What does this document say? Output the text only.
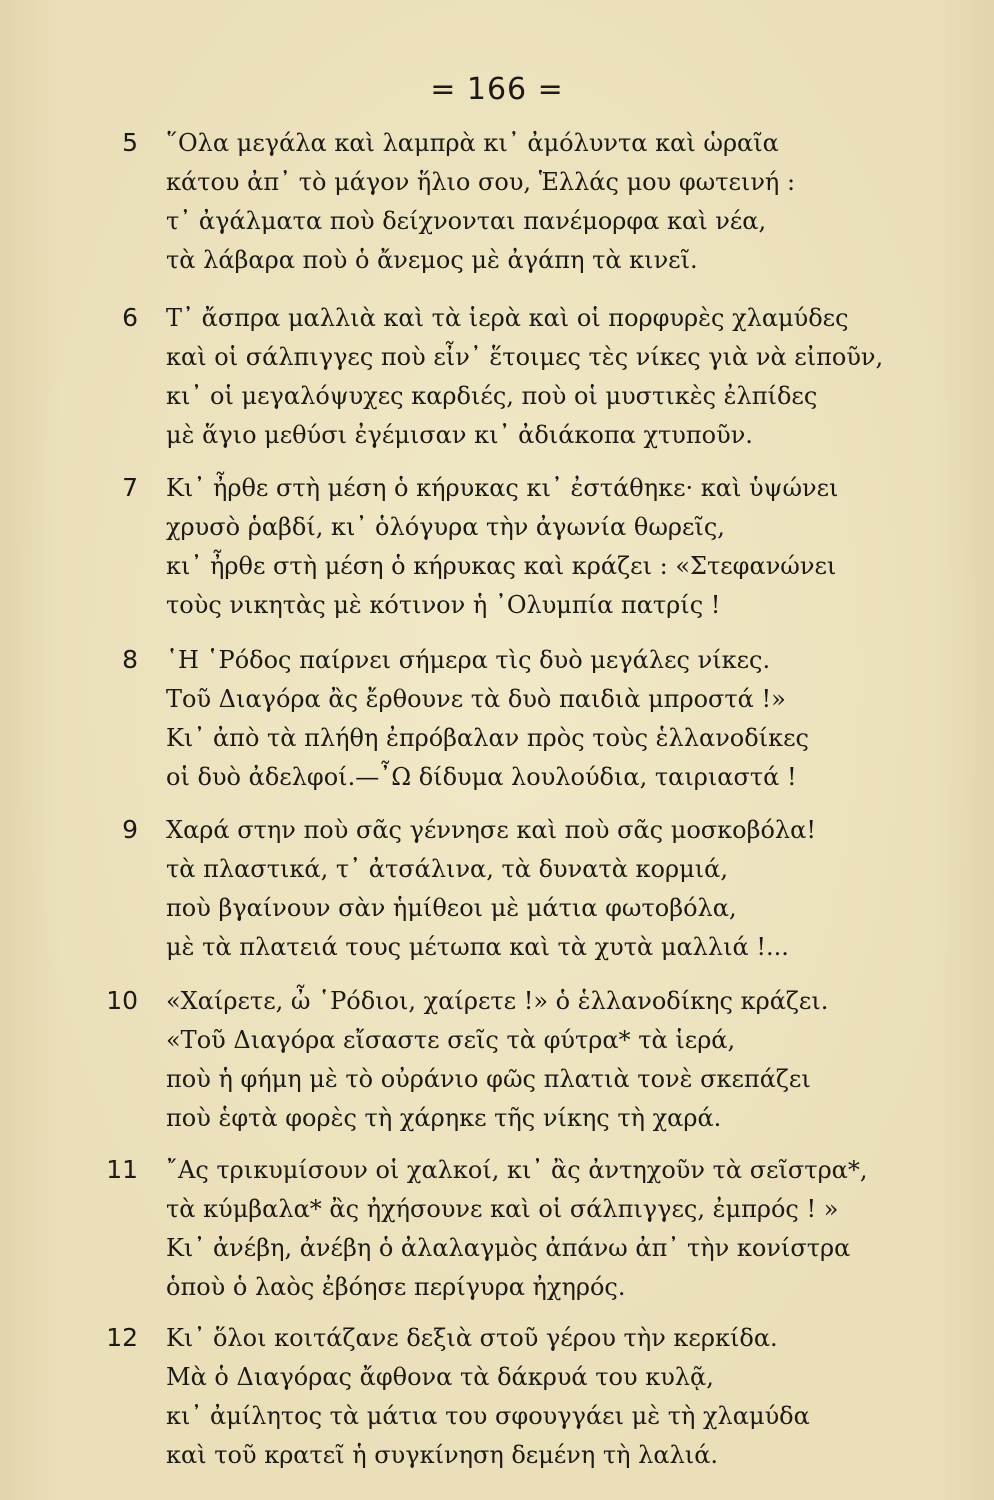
= 166 =
5 ῞Ολα μεγάλα καὶ λαμπρὰ κι᾽ ἀμόλυντα καὶ ὡραῖα
κάτου ἀπ᾽ τὸ μάγον ἥλιο σου, Ἑλλάς μου φωτεινή :
τ᾽ ἀγάλματα ποὺ δείχνονται πανέμορφα καὶ νέα,
τὰ λάβαρα ποὺ ὁ ἄνεμος μὲ ἀγάπη τὰ κινεῖ.
6 Τ᾽ ἄσπρα μαλλιὰ καὶ τὰ ἱερὰ καὶ οἱ πορφυρὲς χλαμύδες
καὶ οἱ σάλπιγγες ποὺ εἶν᾽ ἕτοιμες τὲς νίκες γιὰ νὰ εἰποῦν,
κι᾽ οἱ μεγαλόψυχες καρδιές, ποὺ οἱ μυστικὲς ἐλπίδες
μὲ ἅγιο μεθύσι ἐγέμισαν κι᾽ ἀδιάκοπα χτυποῦν.
7 Κι᾽ ἦρθε στὴ μέση ὁ κήρυκας κι᾽ ἐστάθηκε· καὶ ὑψώνει
χρυσὸ ῥαβδί, κι᾽ ὁλόγυρα τὴν ἀγωνία θωρεῖς,
κι᾽ ἦρθε στὴ μέση ὁ κήρυκας καὶ κράζει : «Στεφανώνει
τοὺς νικητὰς μὲ κότινον ἡ ᾿Ολυμπία πατρίς !
8 ῾Η ῾Ρόδος παίρνει σήμερα τὶς δυὸ μεγάλες νίκες.
Τοῦ Διαγόρα ἂς ἔρθουνε τὰ δυὸ παιδιὰ μπροστά !»
Κι᾽ ἀπὸ τὰ πλήθη ἐπρόβαλαν πρὸς τοὺς ἑλλανοδίκες
οἱ δυὸ ἀδελφοί.—῏Ω δίδυμα λουλούδια, ταιριαστά !
9 Χαρά στην ποὺ σᾶς γέννησε καὶ ποὺ σᾶς μοσκοβόλα!
τὰ πλαστικά, τ᾽ ἀτσάλινα, τὰ δυνατὰ κορμιά,
ποὺ βγαίνουν σὰν ἡμίθεοι μὲ μάτια φωτοβόλα,
μὲ τὰ πλατειά τους μέτωπα καὶ τὰ χυτὰ μαλλιά !...
10 «Χαίρετε, ὦ ῾Ρόδιοι, χαίρετε !» ὁ ἑλλανοδίκης κράζει.
«Τοῦ Διαγόρα εἴσαστε σεῖς τὰ φύτρα* τὰ ἱερά,
ποὺ ἡ φήμη μὲ τὸ οὐράνιο φῶς πλατιὰ τονὲ σκεπάζει
ποὺ ἑφτὰ φορὲς τὴ χάρηκε τῆς νίκης τὴ χαρά.
11 ῎Ας τρικυμίσουν οἱ χαλκοί, κι᾽ ἂς ἀντηχοῦν τὰ σεῖστρα*,
τὰ κύμβαλα* ἂς ἠχήσουνε καὶ οἱ σάλπιγγες, ἐμπρός ! »
Κι᾽ ἀνέβη, ἀνέβη ὁ ἀλαλαγμὸς ἀπάνω ἀπ᾽ τὴν κονίστρα
ὁποὺ ὁ λαὸς ἐβόησε περίγυρα ἠχηρός.
12 Κι᾽ ὅλοι κοιτάζανε δεξιὰ στοῦ γέρου τὴν κερκίδα.
Μὰ ὁ Διαγόρας ἄφθονα τὰ δάκρυά του κυλᾷ,
κι᾽ ἀμίλητος τὰ μάτια του σφουγγάει μὲ τὴ χλαμύδα
καὶ τοῦ κρατεῖ ἡ συγκίνηση δεμένη τὴ λαλιά.
